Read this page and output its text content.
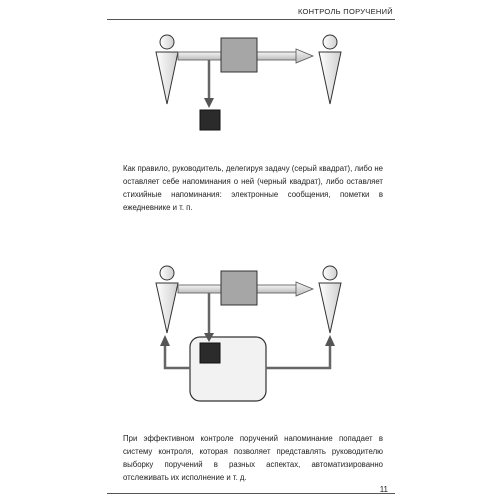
КОНТРОЛЬ ПОРУЧЕНИЙ
Как правило, руководитель, делегируя задачу (серый квадрат), либо не оставляет себе напоминания о ней (черный квадрат), либо оставляет стихийные напоминания: электронные сообщения, пометки в ежедневнике и т. п.
При эффективном контроле поручений напоминание попадает в систему контроля, которая позволяет представлять руководителю выборку поручений в разных аспектах, автоматизированно отслеживать их исполнение и т. д.
11
